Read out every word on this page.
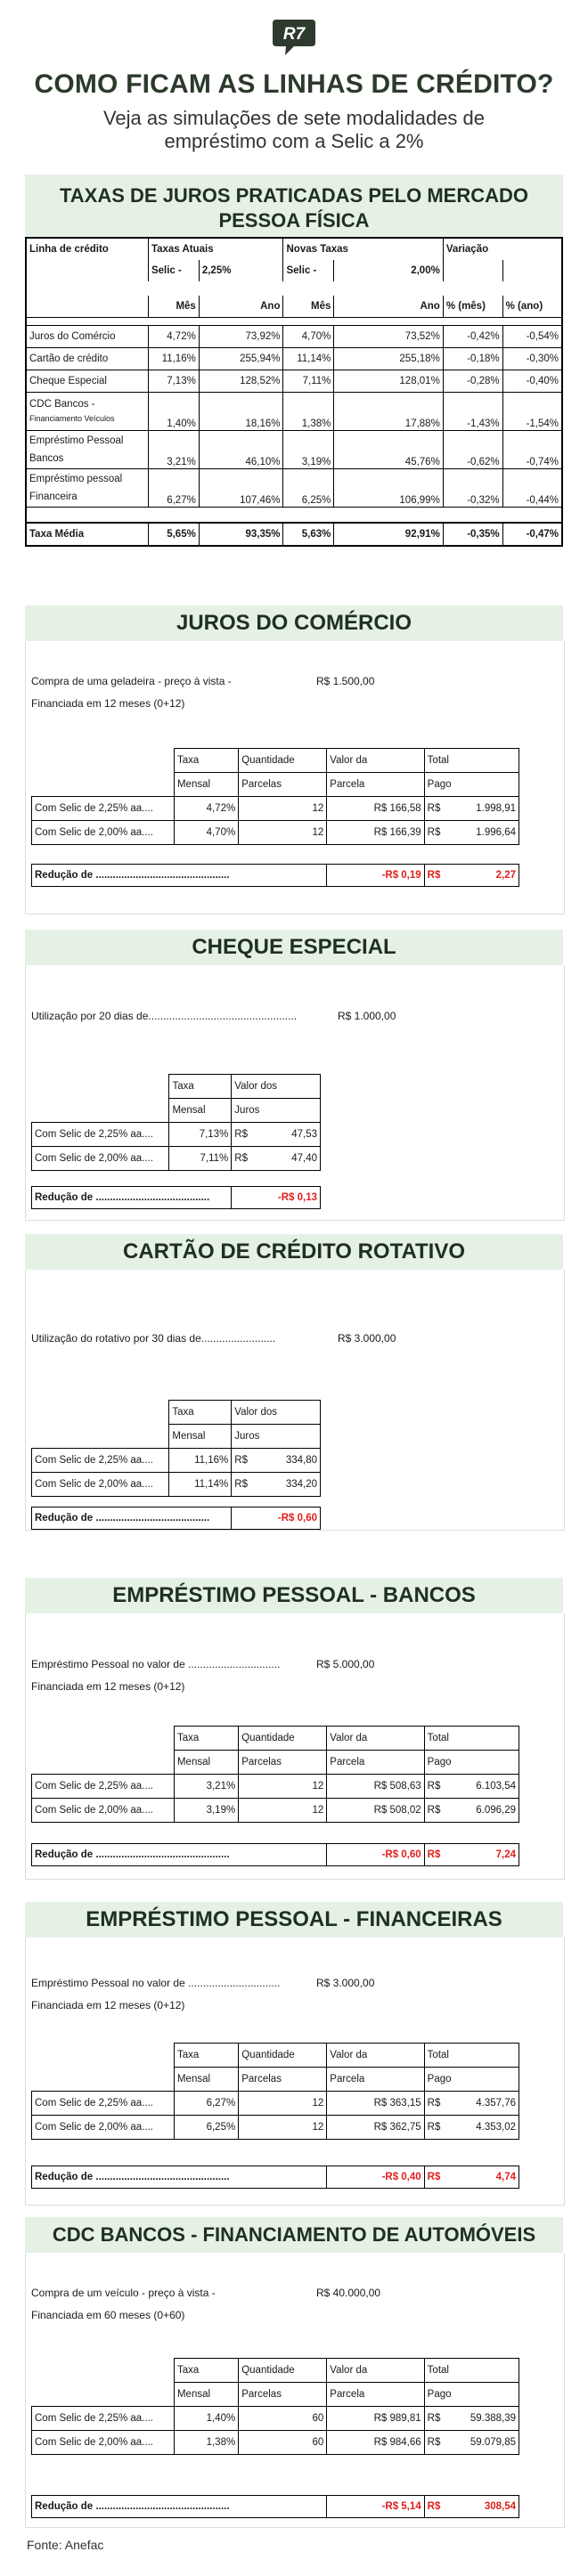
R7
COMO FICAM AS LINHAS DE CRÉDITO?
Veja as simulações de sete modalidades de
empréstimo com a Selic a 2%
TAXAS DE JUROS PRATICADAS PELO MERCADO
PESSOA FÍSICA
Linha de crédito	Taxas Atuais		Novas Taxas		Variação	
	Selic -	2,25%	Selic -	2,00%		

	Mês	Ano	Mês	Ano	% (mês)	% (ano)

Juros do Comércio	4,72%	73,92%	4,70%	73,52%	-0,42%	-0,54%
Cartão de crédito	11,16%	255,94%	11,14%	255,18%	-0,18%	-0,30%
Cheque Especial	7,13%	128,52%	7,11%	128,01%	-0,28%	-0,40%

CDC Bancos -
Financiamento Veículos	1,40%	18,16%	1,38%	17,88%	-1,43%	-1,54%

Empréstimo Pessoal
Bancos	3,21%	46,10%	3,19%	45,76%	-0,62%	-0,74%

Empréstimo pessoal
Financeira	6,27%	107,46%	6,25%	106,99%	-0,32%	-0,44%

Taxa Média	5,65%	93,35%	5,63%	92,91%	-0,35%	-0,47%
JUROS DO COMÉRCIO
Compra de uma geladeira - preço à vista -	R$ 1.500,00
Financiada em 12 meses (0+12)
	Taxa	Quantidade	Valor da	Total
	Mensal	Parcelas	Parcela	Pago
Com Selic de 2,25% aa....	4,72%	12	R$ 166,58	R$ 1.998,91

Com Selic de 2,00% aa....	4,70%	12	R$ 166,39	R$ 1.996,64
Redução de ...............................................	-R$ 0,19	R$	2,27
CHEQUE ESPECIAL
Utilização por 20 dias de..................................................	R$ 1.000,00
	Taxa	Valor dos
	Mensal	Juros
Com Selic de 2,25% aa....	7,13%	R$ 47,53

Com Selic de 2,00% aa....	7,11%	R$ 47,40
Redução de ........................................	-R$ 0,13
CARTÃO DE CRÉDITO ROTATIVO
Utilização do rotativo por 30 dias de.........................	R$ 3.000,00
	Taxa	Valor dos
	Mensal	Juros
Com Selic de 2,25% aa....	11,16%	R$ 334,80

Com Selic de 2,00% aa....	11,14%	R$ 334,20
Redução de ........................................	-R$ 0,60
EMPRÉSTIMO PESSOAL - BANCOS
Empréstimo Pessoal no valor de ...............................	R$ 5.000,00
Financiada em 12 meses (0+12)
	Taxa	Quantidade	Valor da	Total
	Mensal	Parcelas	Parcela	Pago
Com Selic de 2,25% aa....	3,21%	12	R$ 508,63	R$ 6.103,54

Com Selic de 2,00% aa....	3,19%	12	R$ 508,02	R$ 6.096,29
Redução de ...............................................	-R$ 0,60	R$	7,24
EMPRÉSTIMO PESSOAL - FINANCEIRAS
Empréstimo Pessoal no valor de ...............................	R$ 3.000,00
Financiada em 12 meses (0+12)
	Taxa	Quantidade	Valor da	Total
	Mensal	Parcelas	Parcela	Pago
Com Selic de 2,25% aa....	6,27%	12	R$ 363,15	R$ 4.357,76

Com Selic de 2,00% aa....	6,25%	12	R$ 362,75	R$ 4.353,02
Redução de ...............................................	-R$ 0,40	R$	4,74
CDC BANCOS - FINANCIAMENTO DE AUTOMÓVEIS
Compra de um veículo - preço à vista -	R$ 40.000,00
Financiada em 60 meses (0+60)
	Taxa	Quantidade	Valor da	Total
	Mensal	Parcelas	Parcela	Pago
Com Selic de 2,25% aa....	1,40%	60	R$ 989,81	R$ 59.388,39

Com Selic de 2,00% aa....	1,38%	60	R$ 984,66	R$ 59.079,85
Redução de ...............................................	-R$ 5,14	R$	308,54
Fonte: Anefac
